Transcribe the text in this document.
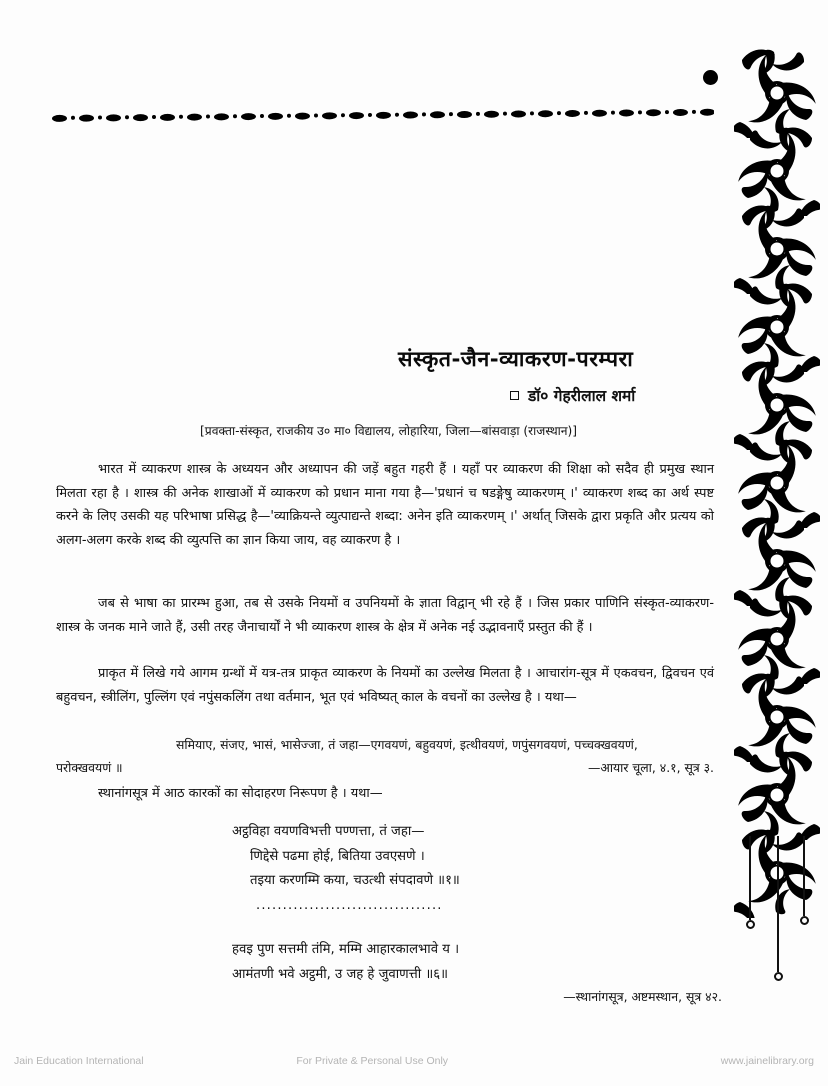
संस्कृत-जैन-व्याकरण-परम्परा
डॉ० गेहरीलाल शर्मा
[प्रवक्ता-संस्कृत, राजकीय उ० मा० विद्यालय, लोहारिया, जिला—बांसवाड़ा (राजस्थान)]
भारत में व्याकरण शास्त्र के अध्ययन और अध्यापन की जड़ें बहुत गहरी हैं । यहाँ पर व्याकरण की शिक्षा को सदैव ही प्रमुख स्थान मिलता रहा है । शास्त्र की अनेक शाखाओं में व्याकरण को प्रधान माना गया है—'प्रधानं च षडङ्गेषु व्याकरणम् ।' व्याकरण शब्द का अर्थ स्पष्ट करने के लिए उसकी यह परिभाषा प्रसिद्ध है—'व्याक्रियन्ते व्युत्पाद्यन्ते शब्दा: अनेन इति व्याकरणम् ।' अर्थात् जिसके द्वारा प्रकृति और प्रत्यय को अलग-अलग करके शब्द की व्युत्पत्ति का ज्ञान किया जाय, वह व्याकरण है ।
जब से भाषा का प्रारम्भ हुआ, तब से उसके नियमों व उपनियमों के ज्ञाता विद्वान् भी रहे हैं । जिस प्रकार पाणिनि संस्कृत-व्याकरण-शास्त्र के जनक माने जाते हैं, उसी तरह जैनाचार्यों ने भी व्याकरण शास्त्र के क्षेत्र में अनेक नई उद्भावनाएँ प्रस्तुत की हैं ।
प्राकृत में लिखे गये आगम ग्रन्थों में यत्र-तत्र प्राकृत व्याकरण के नियमों का उल्लेख मिलता है । आचारांग-सूत्र में एकवचन, द्विवचन एवं बहुवचन, स्त्रीलिंग, पुल्लिंग एवं नपुंसकलिंग तथा वर्तमान, भूत एवं भविष्यत् काल के वचनों का उल्लेख है । यथा—
समियाए, संजए, भासं, भासेज्जा, तं जहा—एगवयणं, बहुवयणं, इत्थीवयणं, णपुंसगवयणं, पच्चक्खवयणं,
परोक्खवयणं ॥	—आयार चूला, ४.१, सूत्र ३.
स्थानांगसूत्र में आठ कारकों का सोदाहरण निरूपण है । यथा—
अट्ठविहा वयणविभत्ती पण्णत्ता, तं जहा—
णिद्देसे पढमा होई, बितिया उवएसणे ।
तइया करणम्मि कया, चउत्थी संपदावणे ॥१॥
...................................
हवइ पुण सत्तमी तंमि, मम्मि आहारकालभावे य ।
आमंतणी भवे अट्ठमी, उ जह हे जुवाणत्ती ॥६॥
—स्थानांगसूत्र, अष्टमस्थान, सूत्र ४२.
Jain Education International	For Private & Personal Use Only	www.jainelibrary.org
